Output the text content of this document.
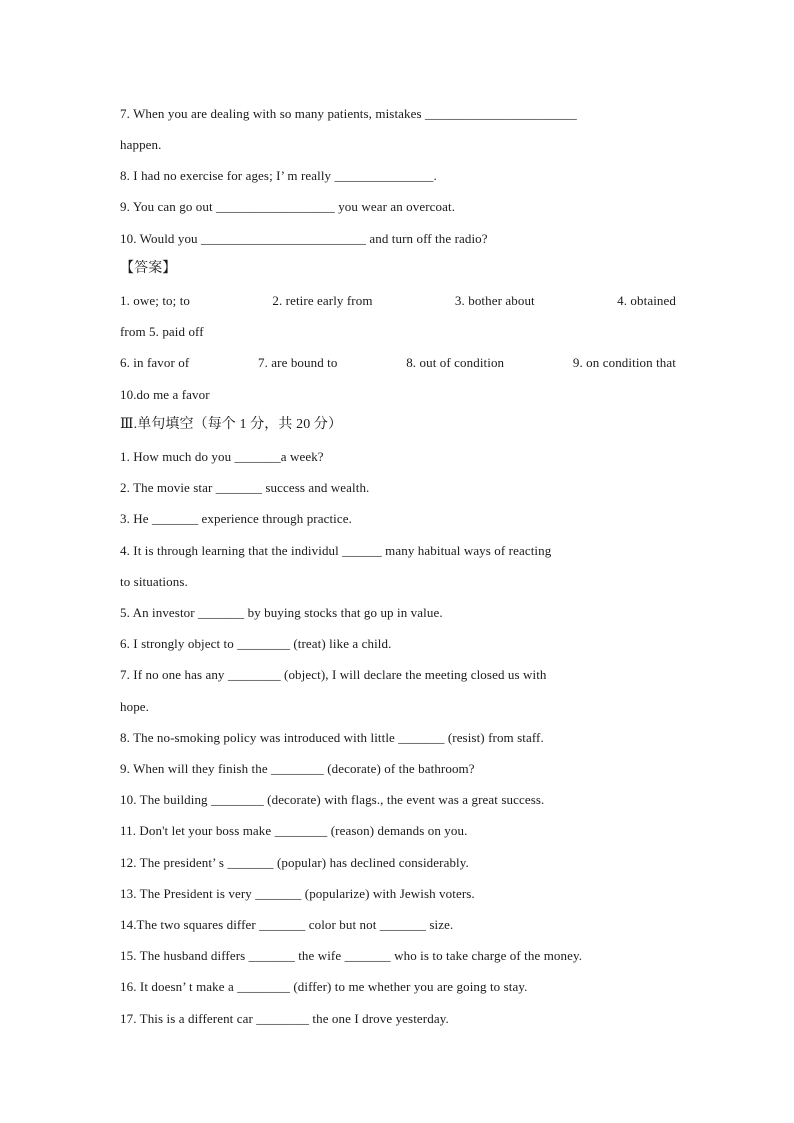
7. When you are dealing with so many patients, mistakes _______________________
happen.
8. I had no exercise for ages; I’ m really _______________.
9. You can go out __________________ you wear an overcoat.
10. Would you _________________________ and turn off the radio?
【答案】
1. owe; to; to	2. retire early from	3. bother about	4. obtained
from 5. paid off
6. in favor of	7. are bound to	8. out of condition	9. on condition that
10.do me a favor
Ⅲ.单句填空（每个 1 分，共 20 分）
1. How much do you _______a week?
2. The movie star _______ success and wealth.
3. He _______ experience through practice.
4. It is through learning that the individul ______ many habitual ways of reacting
to situations.
5. An investor _______ by buying stocks that go up in value.
6. I strongly object to ________ (treat) like a child.
7. If no one has any ________ (object), I will declare the meeting closed us with
hope.
8. The no-smoking policy was introduced with little _______ (resist) from staff.
9. When will they finish the ________ (decorate) of the bathroom?
10. The building ________ (decorate) with flags., the event was a great success.
11. Don't let your boss make ________ (reason) demands on you.
12. The president’ s _______ (popular) has declined considerably.
13. The President is very _______ (popularize) with Jewish voters.
14.The two squares differ _______ color but not _______ size.
15. The husband differs _______ the wife _______ who is to take charge of the money.
16. It doesn’ t make a ________ (differ) to me whether you are going to stay.
17. This is a different car ________ the one I drove yesterday.
